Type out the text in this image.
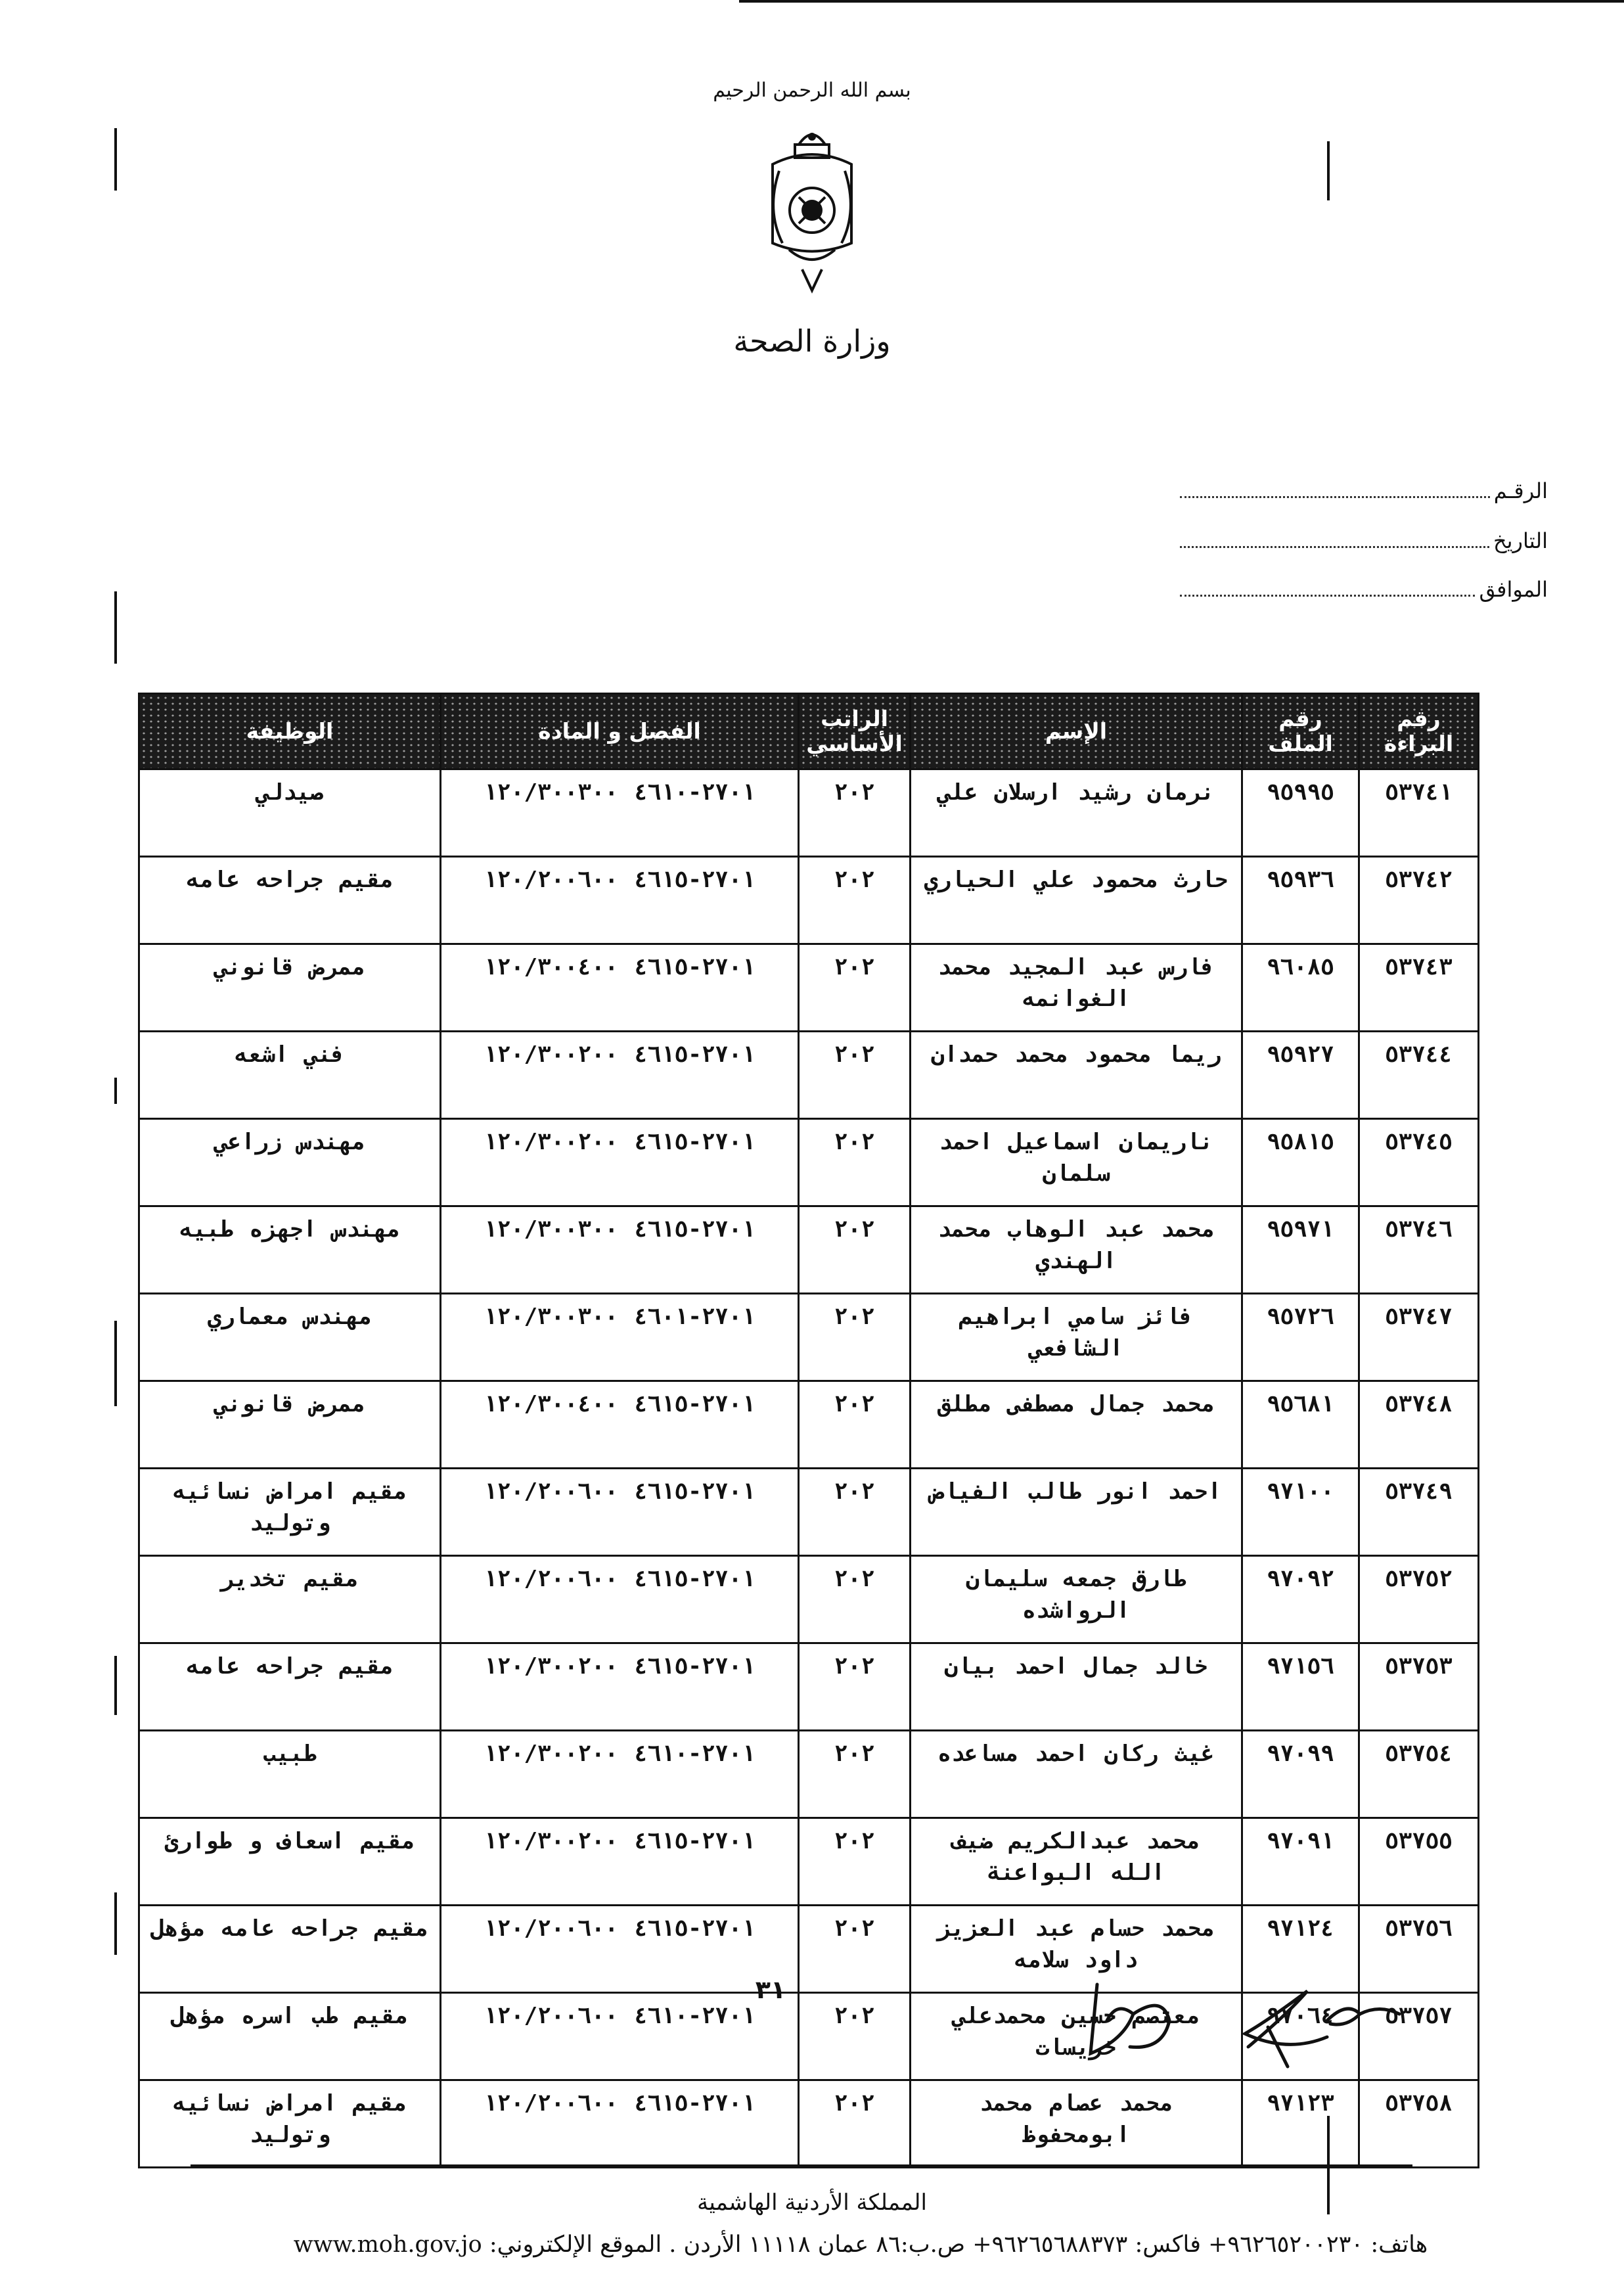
بسم الله الرحمن الرحيم
وزارة الصحة
الرقـم
التاريخ
الموافق
رقم البراءة	رقم الملف	الإسم	الراتب الأساسي	الفصل و المادة	الوظيفة
٥٣٧٤١	٩٥٩٩٥	نرمان رشيد ارسلان علي	٢٠٢	٢٧٠١-٤٦١٠ ١٢٠/٣٠٠٣٠٠	صيدلي
٥٣٧٤٢	٩٥٩٣٦	حارث محمود علي الحياري	٢٠٢	٢٧٠١-٤٦١٥ ١٢٠/٢٠٠٦٠٠	مقيم جراحه عامه
٥٣٧٤٣	٩٦٠٨٥	فارس عبد المجيد محمد الغوانمه	٢٠٢	٢٧٠١-٤٦١٥ ١٢٠/٣٠٠٤٠٠	ممرض قانوني
٥٣٧٤٤	٩٥٩٢٧	ريما محمود محمد حمدان	٢٠٢	٢٧٠١-٤٦١٥ ١٢٠/٣٠٠٢٠٠	فني اشعه
٥٣٧٤٥	٩٥٨١٥	ناريمان اسماعيل احمد سلمان	٢٠٢	٢٧٠١-٤٦١٥ ١٢٠/٣٠٠٢٠٠	مهندس زراعي
٥٣٧٤٦	٩٥٩٧١	محمد عبد الوهاب محمد الهندي	٢٠٢	٢٧٠١-٤٦١٥ ١٢٠/٣٠٠٣٠٠	مهندس اجهزه طبيه
٥٣٧٤٧	٩٥٧٢٦	فائز سامي ابراهيم الشافعي	٢٠٢	٢٧٠١-٤٦٠١ ١٢٠/٣٠٠٣٠٠	مهندس معماري
٥٣٧٤٨	٩٥٦٨١	محمد جمال مصطفى مطلق	٢٠٢	٢٧٠١-٤٦١٥ ١٢٠/٣٠٠٤٠٠	ممرض قانوني
٥٣٧٤٩	٩٧١٠٠	احمد انور طالب الفياض	٢٠٢	٢٧٠١-٤٦١٥ ١٢٠/٢٠٠٦٠٠	مقيم امراض نسائيه وتوليد
٥٣٧٥٢	٩٧٠٩٢	طارق جمعه سليمان الرواشده	٢٠٢	٢٧٠١-٤٦١٥ ١٢٠/٢٠٠٦٠٠	مقيم تخدير
٥٣٧٥٣	٩٧١٥٦	خالد جمال احمد بيان	٢٠٢	٢٧٠١-٤٦١٥ ١٢٠/٣٠٠٢٠٠	مقيم جراحه عامه
٥٣٧٥٤	٩٧٠٩٩	غيث ركان احمد مساعده	٢٠٢	٢٧٠١-٤٦١٠ ١٢٠/٣٠٠٢٠٠	طبيب
٥٣٧٥٥	٩٧٠٩١	محمد عبدالكريم ضيف الله البواعنة	٢٠٢	٢٧٠١-٤٦١٥ ١٢٠/٣٠٠٢٠٠	مقيم اسعاف و طوارئ
٥٣٧٥٦	٩٧١٢٤	محمد حسام عبد العزيز داود سلامه	٢٠٢	٢٧٠١-٤٦١٥ ١٢٠/٢٠٠٦٠٠	مقيم جراحه عامه مؤهل
٥٣٧٥٧	٩٧٠٦٤	معتصم حسين محمدعلي خريسات	٢٠٢	٢٧٠١-٤٦١٠ ١٢٠/٢٠٠٦٠٠	مقيم طب اسره مؤهل
٥٣٧٥٨	٩٧١٢٣	محمد عصام محمد ابومحفوظ	٢٠٢	٢٧٠١-٤٦١٥ ١٢٠/٢٠٠٦٠٠	مقيم امراض نسائيه وتوليد
٣١
المملكة الأردنية الهاشمية
هاتف: ٩٦٢٦٥٢٠٠٢٣٠+ فاكس: ٩٦٢٦٥٦٨٨٣٧٣+ ص.ب:٨٦ عمان ١١١١٨ الأردن . الموقع الإلكتروني: www.moh.gov.jo
